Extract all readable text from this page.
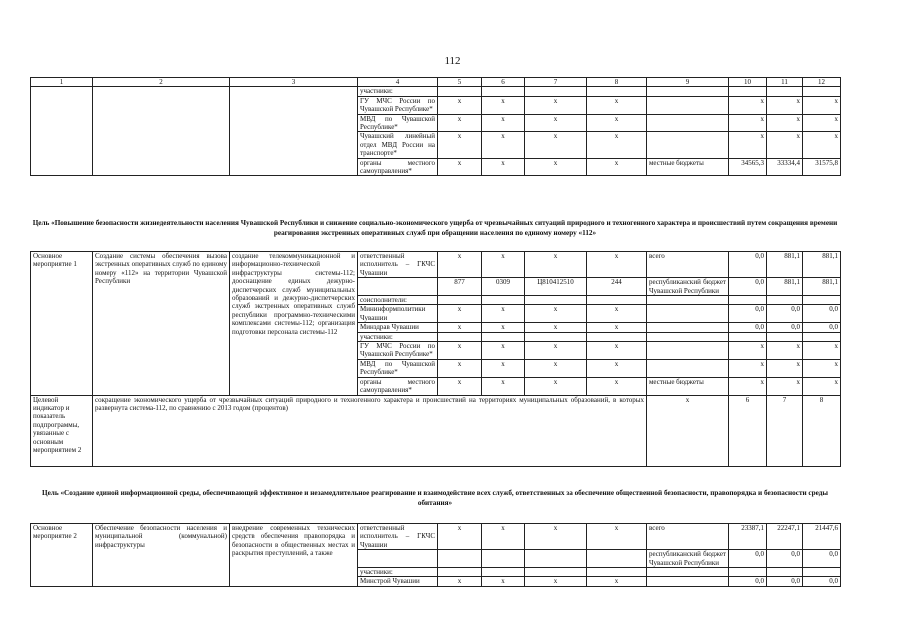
112
1	2	3	4	5	6	7	8	9	10	11	12
			участники:								
			ГУ МЧС России по Чувашской Республике*	x	x	x	x		x	x	x
			МВД по Чувашской Республике*	x	x	x	x		x	x	x
			Чувашский линейный отдел МВД России на транспорте*	x	x	x	x		x	x	x
			органы местного самоуправления*	x	x	x	x	местные бюджеты	34565,3	33334,4	31575,8
Цель «Повышение безопасности жизнедеятельности населения Чувашской Республики и снижение социально-экономического ущерба от чрезвычайных ситуаций природного и техногенного характера и происшествий путем сокращения времени реагирования экстренных оперативных служб при обращении населения по единому номеру «112»
Основное мероприятие 1	Создание системы обеспечения вызова экстренных оперативных служб по единому номеру «112» на территории Чувашской Республики	создание телекоммуникационной и информационно-технической инфраструктуры системы-112; дооснащение единых дежурно-диспетчерских служб муниципальных образований и дежурно-диспетчерских служб экстренных оперативных служб республики программно-техническими комплексами системы-112; организация подготовки персонала системы-112	ответственный исполнитель – ГКЧС Чувашии	x	x	x	x	всего	0,0	881,1	881,1
				877	0309	Ц810412510	244	республиканский бюджет Чувашской Республики	0,0	881,1	881,1
			соисполнители:								
			Мининформполитики Чувашии	x	x	x	x		0,0	0,0	0,0
			Минздрав Чувашии	x	x	x	x		0,0	0,0	0,0
			участники:								
			ГУ МЧС России по Чувашской Республике*	x	x	x	x		x	x	x
			МВД по Чувашской Республике*	x	x	x	x		x	x	x
			органы местного самоуправления*	x	x	x	x	местные бюджеты	x	x	x
Целевой индикатор и показатель подпрограммы, увязанные с основным мероприятием 2	сокращение экономического ущерба от чрезвычайных ситуаций природного и техногенного характера и происшествий на территориях муниципальных образований, в которых развернута система-112, по сравнению с 2013 годом (процентов)							x	6	7	8
Цель «Создание единой информационной среды, обеспечивающей эффективное и незамедлительное реагирование и взаимодействие всех служб, ответственных за обеспечение общественной безопасности, правопорядка и безопасности среды обитания»
Основное мероприятие 2	Обеспечение безопасности населения и муниципальной (коммунальной) инфраструктуры	внедрение современных технических средств обеспечения правопорядка и безопасности в общественных местах и раскрытия преступлений, а также	ответственный исполнитель – ГКЧС Чувашии	x	x	x	x	всего	23387,1	22247,1	21447,6
								республиканский бюджет Чувашской Республики	0,0	0,0	0,0
			участники:								
			Минстрой Чувашии	x	x	x	x		0,0	0,0	0,0
